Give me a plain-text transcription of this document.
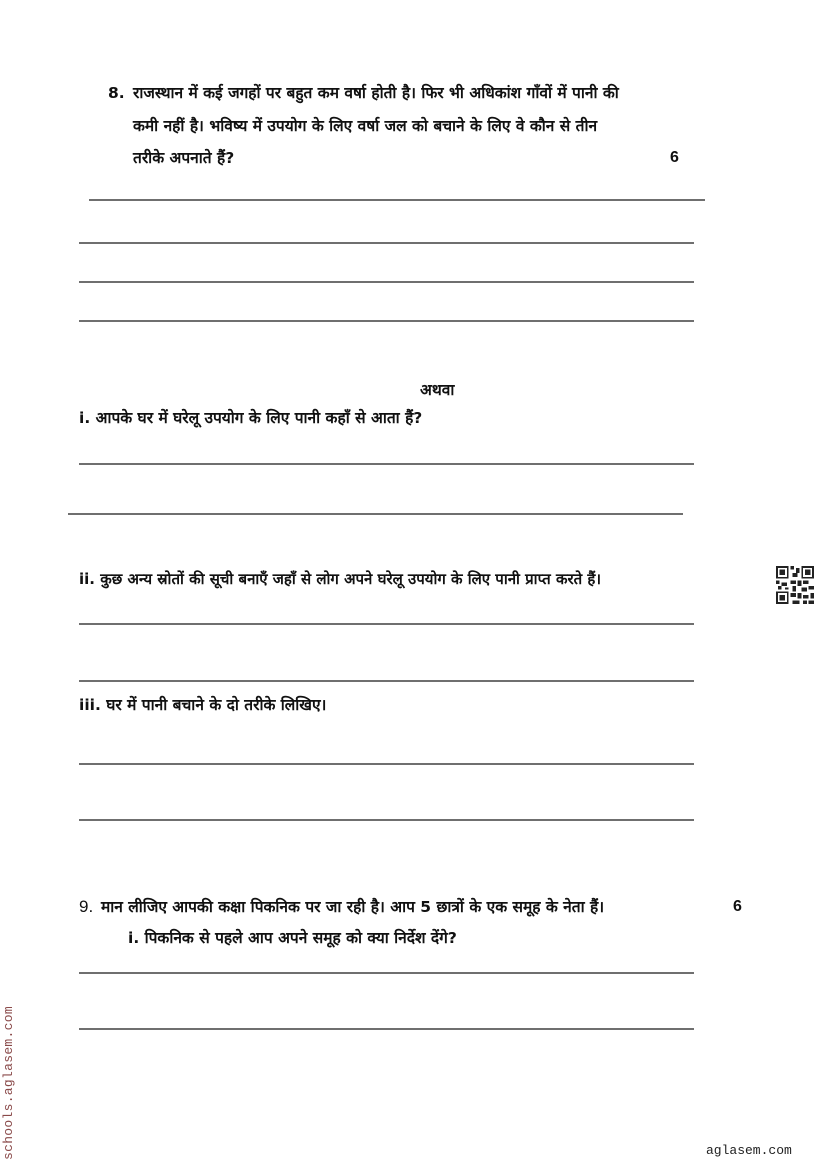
8. राजस्थान में कई जगहों पर बहुत कम वर्षा होती है। फिर भी अधिकांश गाँवों में पानी की
कमी नहीं है। भविष्य में उपयोग के लिए वर्षा जल को बचाने के लिए वे कौन से तीन
तरीके अपनाते हैं?	6
अथवा
i. आपके घर में घरेलू उपयोग के लिए पानी कहाँ से आता हैं?
ii. कुछ अन्य स्रोतों की सूची बनाएँ जहाँ से लोग अपने घरेलू उपयोग के लिए पानी प्राप्त करते हैं।
iii. घर में पानी बचाने के दो तरीके लिखिए।
9. मान लीजिए आपकी कक्षा पिकनिक पर जा रही है। आप 5 छात्रों के एक समूह के नेता हैं।	6
i. पिकनिक से पहले आप अपने समूह को क्या निर्देश देंगे?
schools.aglasem.com	aglasem.com
